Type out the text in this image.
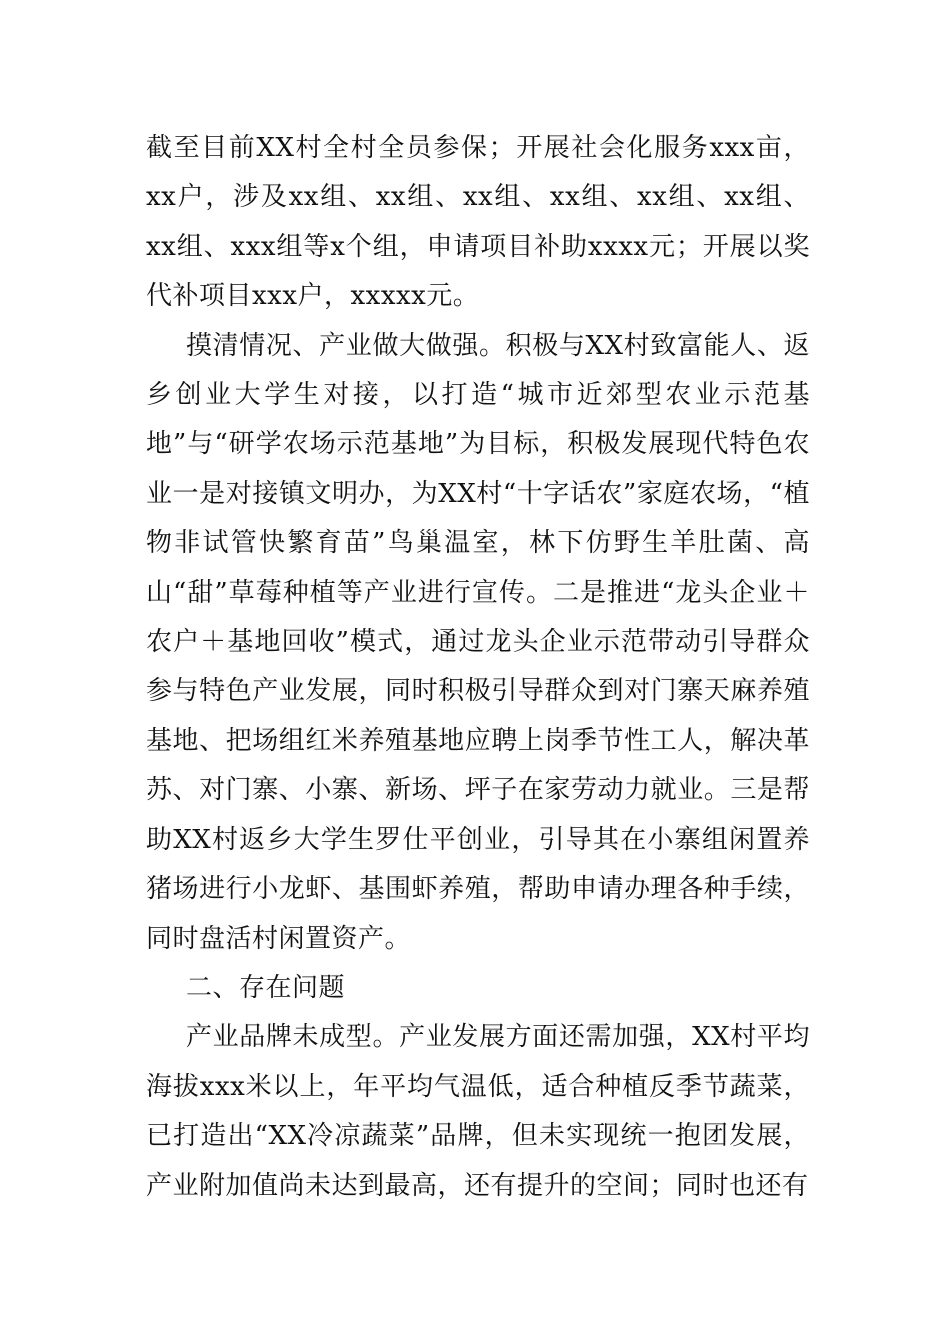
截至目前XX村全村全员参保；开展社会化服务xxx亩，xx户，涉及xx组、xx组、xx组、xx组、xx组、xx组、xx组、xxx组等x个组，申请项目补助xxxx元；开展以奖代补项目xxx户，xxxxx元。

摸清情况、产业做大做强。积极与XX村致富能人、返乡创业大学生对接，以打造“城市近郊型农业示范基地”与“研学农场示范基地”为目标，积极发展现代特色农业一是对接镇文明办，为XX村“十字话农”家庭农场，“植物非试管快繁育苗”鸟巢温室，林下仿野生羊肚菌、高山“甜”草莓种植等产业进行宣传。二是推进“龙头企业＋农户＋基地回收”模式，通过龙头企业示范带动引导群众参与特色产业发展，同时积极引导群众到对门寨天麻养殖基地、把场组红米养殖基地应聘上岗季节性工人，解决革苏、对门寨、小寨、新场、坪子在家劳动力就业。三是帮助XX村返乡大学生罗仕平创业，引导其在小寨组闲置养猪场进行小龙虾、基围虾养殖，帮助申请办理各种手续，同时盘活村闲置资产。

二、存在问题

产业品牌未成型。产业发展方面还需加强，XX村平均海拔xxx米以上，年平均气温低，适合种植反季节蔬菜，已打造出“XX冷凉蔬菜”品牌，但未实现统一抱团发展，产业附加值尚未达到最高，还有提升的空间；同时也还有
